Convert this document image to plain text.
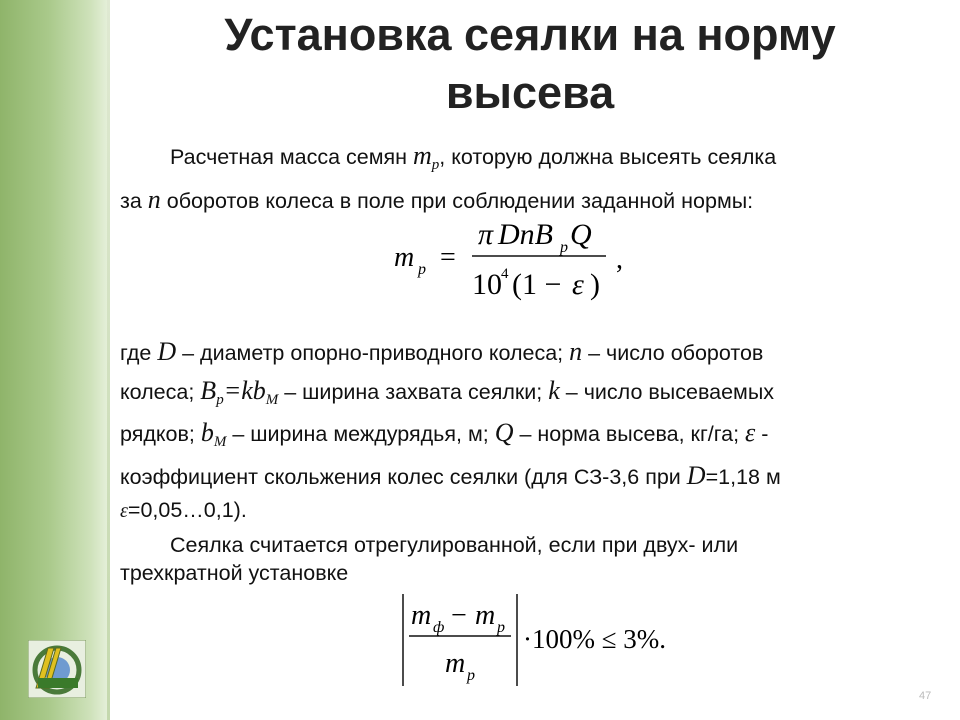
Установка сеялки на норму высева
Расчетная масса семян $m_p$, которую должна высеять сеялка
за n оборотов колеса в поле при соблюдении заданной нормы:
m p =
π DnB p Q
10 4 (1 − ε )
,
где D – диаметр опорно-приводного колеса; n – число оборотов
колеса; $B_p=kb_M$ – ширина захвата сеялки; k – число высеваемых
рядков; $b_M$ – ширина междурядья, м; Q – норма высева, кг/га; ε -
коэффициент скольжения колес сеялки (для СЗ-3,6 при D=1,18 м
ε=0,05…0,1).
Сеялка считается отрегулированной, если при двух- или
трехкратной установке
m ф − m p
m p
·100% ≤ 3%.
47
